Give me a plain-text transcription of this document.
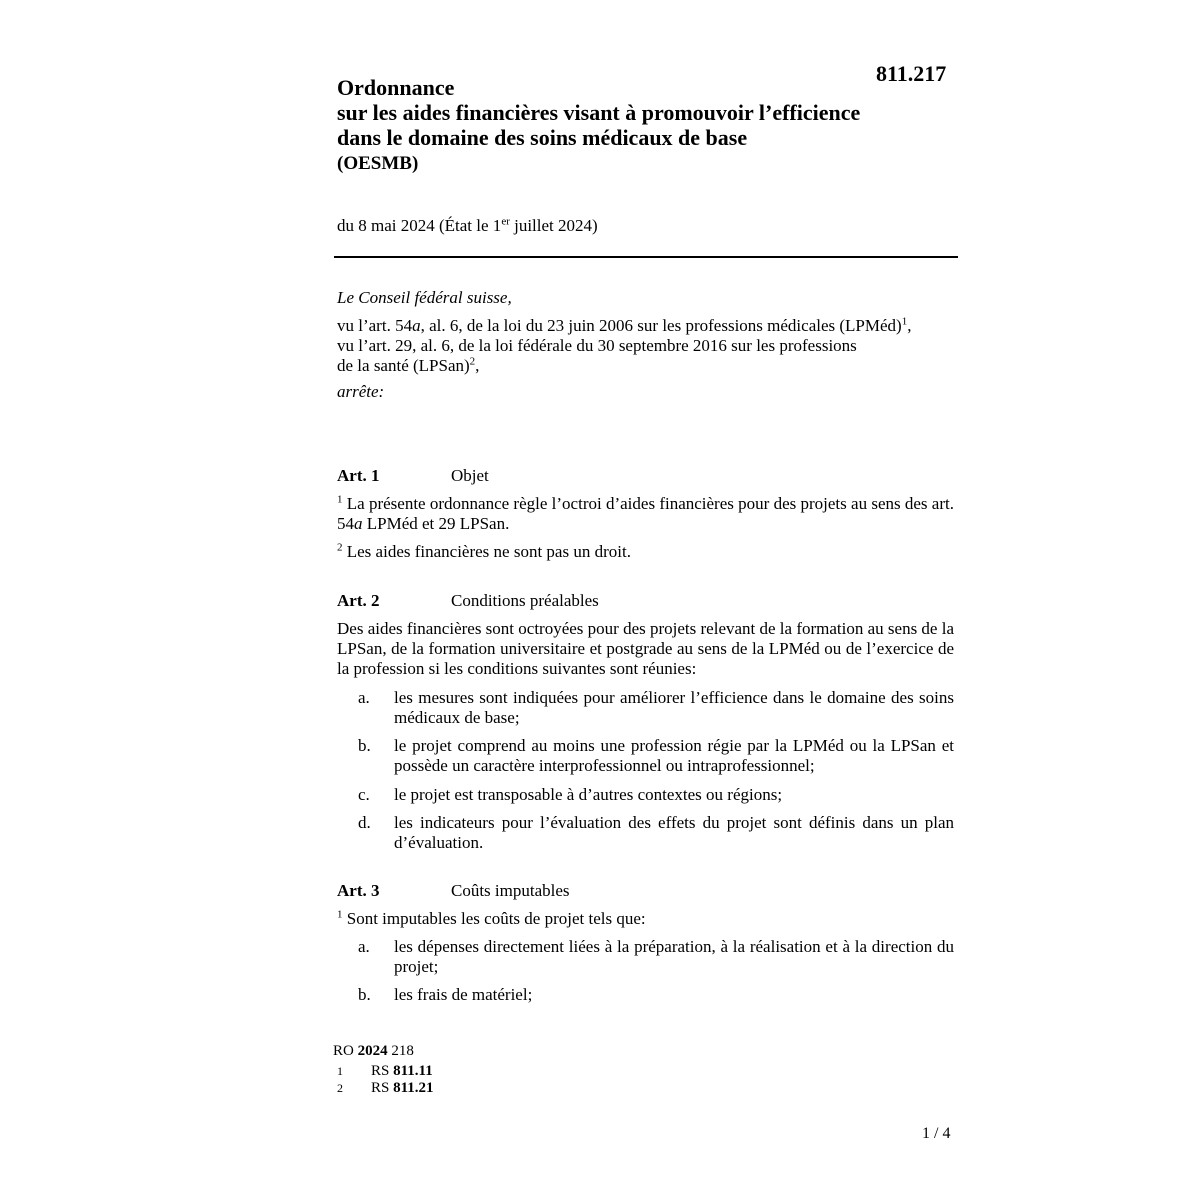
811.217
Ordonnance
sur les aides financières visant à promouvoir l’efficience
dans le domaine des soins médicaux de base
(OESMB)
du 8 mai 2024 (État le 1er juillet 2024)
Le Conseil fédéral suisse,
vu l’art. 54a, al. 6, de la loi du 23 juin 2006 sur les professions médicales (LPMéd)$^1$,
vu l’art. 29, al. 6, de la loi fédérale du 30 septembre 2016 sur les professions
de la santé (LPSan)$^2$,
arrête:
Art. 1	Objet
$^1$ La présente ordonnance règle l’octroi d’aides financières pour des projets au sens des art. 54a LPMéd et 29 LPSan.
$^2$ Les aides financières ne sont pas un droit.
Art. 2	Conditions préalables
Des aides financières sont octroyées pour des projets relevant de la formation au sens de la LPSan, de la formation universitaire et postgrade au sens de la LPMéd ou de l’exercice de la profession si les conditions suivantes sont réunies:
a. les mesures sont indiquées pour améliorer l’efficience dans le domaine des soins médicaux de base;
b. le projet comprend au moins une profession régie par la LPMéd ou la LPSan et possède un caractère interprofessionnel ou intraprofessionnel;
c. le projet est transposable à d’autres contextes ou régions;
d. les indicateurs pour l’évaluation des effets du projet sont définis dans un plan d’évaluation.
Art. 3	Coûts imputables
$^1$ Sont imputables les coûts de projet tels que:
a. les dépenses directement liées à la préparation, à la réalisation et à la direction du projet;
b. les frais de matériel;
RO 2024 218
1 RS 811.11
2 RS 811.21
1 / 4
